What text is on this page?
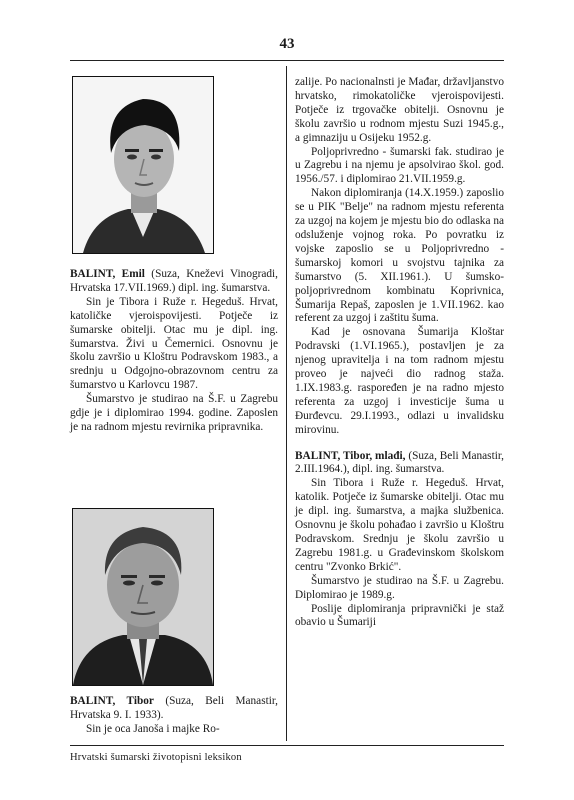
43

BALINT, Emil (Suza, Kneževi Vinogradi, Hrvatska 17.VII.1969.) dipl. ing. šumarstva.

Sin je Tibora i Ruže r. Hegeduš. Hrvat, katoličke vjeroispovijesti. Potječe iz šumarske obitelji. Otac mu je dipl. ing. šumarstva. Živi u Čemernici. Osnovnu je školu završio u Kloštru Podravskom 1983., a srednju u Odgojno-obrazovnom centru za šumarstvo u Karlovcu 1987.

Šumarstvo je studirao na Š.F. u Zagrebu gdje je i diplomirao 1994. godine. Zaposlen je na radnom mjestu revirnika pripravnika.

BALINT, Tibor (Suza, Beli Manastir, Hrvatska 9. I. 1933).

Sin je oca Janoša i majke Ro-

zalije. Po nacionalnsti je Mađar, državljanstvo hrvatsko, rimokatoličke vjeroispovijesti. Potječe iz trgovačke obitelji. Osnovnu je školu završio u rodnom mjestu Suzi 1945.g., a gimnaziju u Osijeku 1952.g.

Poljoprivredno - šumarski fak. studirao je u Zagrebu i na njemu je apsolvirao škol. god. 1956./57. i diplomirao 21.VII.1959.g.

Nakon diplomiranja (14.X.1959.) zaposlio se u PIK "Belje" na radnom mjestu referenta za uzgoj na kojem je mjestu bio do odlaska na odsluženje vojnog roka. Po povratku iz vojske zaposlio se u Poljoprivredno - šumarskoj komori u svojstvu tajnika za šumarstvo (5. XII.1961.). U šumsko-poljoprivrednom kombinatu Koprivnica, Šumarija Repaš, zaposlen je 1.VII.1962. kao referent za uzgoj i zaštitu šuma.

Kad je osnovana Šumarija Kloštar Podravski (1.VI.1965.), postavljen je za njenog upravitelja i na tom radnom mjestu proveo je najveći dio radnog staža. 1.IX.1983.g. raspoređen je na radno mjesto referenta za uzgoj i investicije šuma u Đurđevcu. 29.I.1993., odlazi u invalidsku mirovinu.

BALINT, Tibor, mlađi, (Suza, Beli Manastir, 2.III.1964.), dipl. ing. šumarstva.

Sin Tibora i Ruže r. Hegeduš. Hrvat, katolik. Potječe iz šumarske obitelji. Otac mu je dipl. ing. šumarstva, a majka službenica. Osnovnu je školu pohađao i završio u Kloštru Podravskom. Srednju je školu završio u Zagrebu 1981.g. u Građevinskom školskom centru "Zvonko Brkić".

Šumarstvo je studirao na Š.F. u Zagrebu. Diplomirao je 1989.g.

Poslije diplomiranja pripravnički je staž obavio u Šumariji

Hrvatski šumarski životopisni leksikon
